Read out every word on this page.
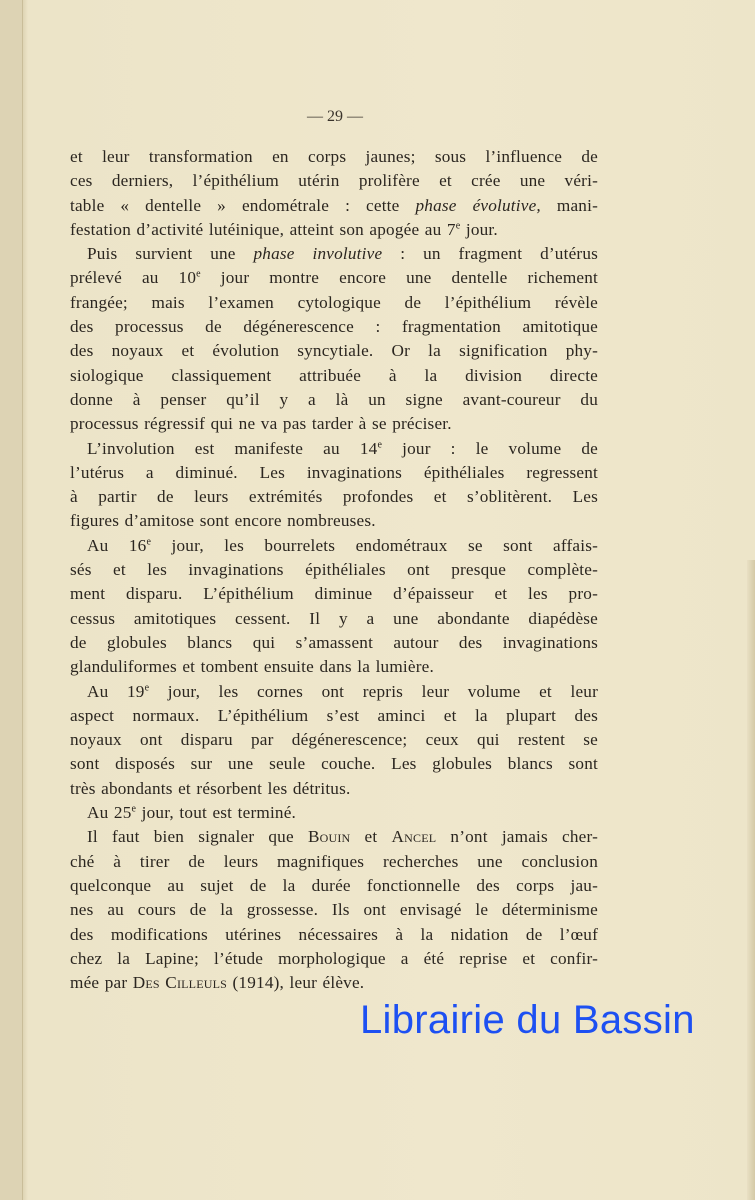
— 29 —
et leur transformation en corps jaunes; sous l’influence de
ces derniers, l’épithélium utérin prolifère et crée une véri-
table « dentelle » endométrale : cette phase évolutive, mani-
festation d’activité lutéinique, atteint son apogée au 7e jour.
Puis survient une phase involutive : un fragment d’utérus
prélevé au 10e jour montre encore une dentelle richement
frangée; mais l’examen cytologique de l’épithélium révèle
des processus de dégénerescence : fragmentation amitotique
des noyaux et évolution syncytiale. Or la signification phy-
siologique classiquement attribuée à la division directe
donne à penser qu’il y a là un signe avant-coureur du
processus régressif qui ne va pas tarder à se préciser.
L’involution est manifeste au 14e jour : le volume de
l’utérus a diminué. Les invaginations épithéliales regressent
à partir de leurs extrémités profondes et s’oblitèrent. Les
figures d’amitose sont encore nombreuses.
Au 16e jour, les bourrelets endométraux se sont affais-
sés et les invaginations épithéliales ont presque complète-
ment disparu. L’épithélium diminue d’épaisseur et les pro-
cessus amitotiques cessent. Il y a une abondante diapédèse
de globules blancs qui s’amassent autour des invaginations
glanduliformes et tombent ensuite dans la lumière.
Au 19e jour, les cornes ont repris leur volume et leur
aspect normaux. L’épithélium s’est aminci et la plupart des
noyaux ont disparu par dégénerescence; ceux qui restent se
sont disposés sur une seule couche. Les globules blancs sont
très abondants et résorbent les détritus.
Au 25e jour, tout est terminé.
Il faut bien signaler que Bouin et Ancel n’ont jamais cher-
ché à tirer de leurs magnifiques recherches une conclusion
quelconque au sujet de la durée fonctionnelle des corps jau-
nes au cours de la grossesse. Ils ont envisagé le déterminisme
des modifications utérines nécessaires à la nidation de l’œuf
chez la Lapine; l’étude morphologique a été reprise et confir-
mée par Des Cilleuls (1914), leur élève.
Librairie du Bassin
